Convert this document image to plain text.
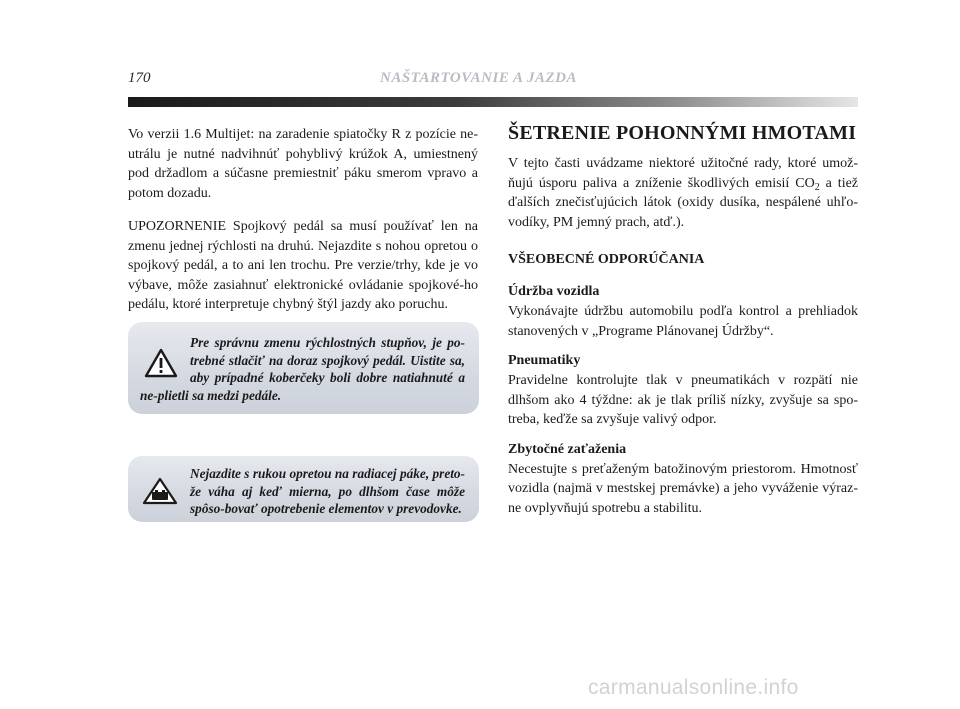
170	NAŠTARTOVANIE A JAZDA

Vo verzii 1.6 Multijet: na zaradenie spiatočky R z pozície ne-utrálu je nutné nadvihnúť pohyblivý krúžok A, umiestnený pod držadlom a súčasne premiestniť páku smerom vpravo a potom dozadu.

UPOZORNENIE Spojkový pedál sa musí používať len na zmenu jednej rýchlosti na druhú. Nejazdite s nohou opretou o spojkový pedál, a to ani len trochu. Pre verzie/trhy, kde je vo výbave, môže zasiahnuť elektronické ovládanie spojkové-ho pedálu, ktoré interpretuje chybný štýl jazdy ako poruchu.

Pre správnu zmenu rýchlostných stupňov, je po-trebné stlačiť na doraz spojkový pedál. Uistite sa, aby prípadné koberčeky boli dobre natiahnuté a ne-plietli sa medzi pedále.

Nejazdite s rukou opretou na radiacej páke, preto-že váha aj keď mierna, po dlhšom čase môže spôso-bovať opotrebenie elementov v prevodovke.

ŠETRENIE POHONNÝMI HMOTAMI

V tejto časti uvádzame niektoré užitočné rady, ktoré umož-ňujú úsporu paliva a zníženie škodlivých emisií $CO_2$ a tiež ďalších znečisťujúcich látok (oxidy dusíka, nespálené uhľo-vodíky, PM jemný prach, atď.).

VŠEOBECNÉ ODPORÚČANIA
Údržba vozidla

Vykonávajte údržbu automobilu podľa kontrol a prehliadok stanovených v „Programe Plánovanej Údržby“.

Pneumatiky

Pravidelne kontrolujte tlak v pneumatikách v rozpätí nie dlhšom ako 4 týždne: ak je tlak príliš nízky, zvyšuje sa spo-treba, keďže sa zvyšuje valivý odpor.

Zbytočné zaťaženia

Necestujte s preťaženým batožinovým priestorom. Hmotnosť vozidla (najmä v mestskej premávke) a jeho vyváženie výraz-ne ovplyvňujú spotrebu a stabilitu.

carmanualsonline.info
